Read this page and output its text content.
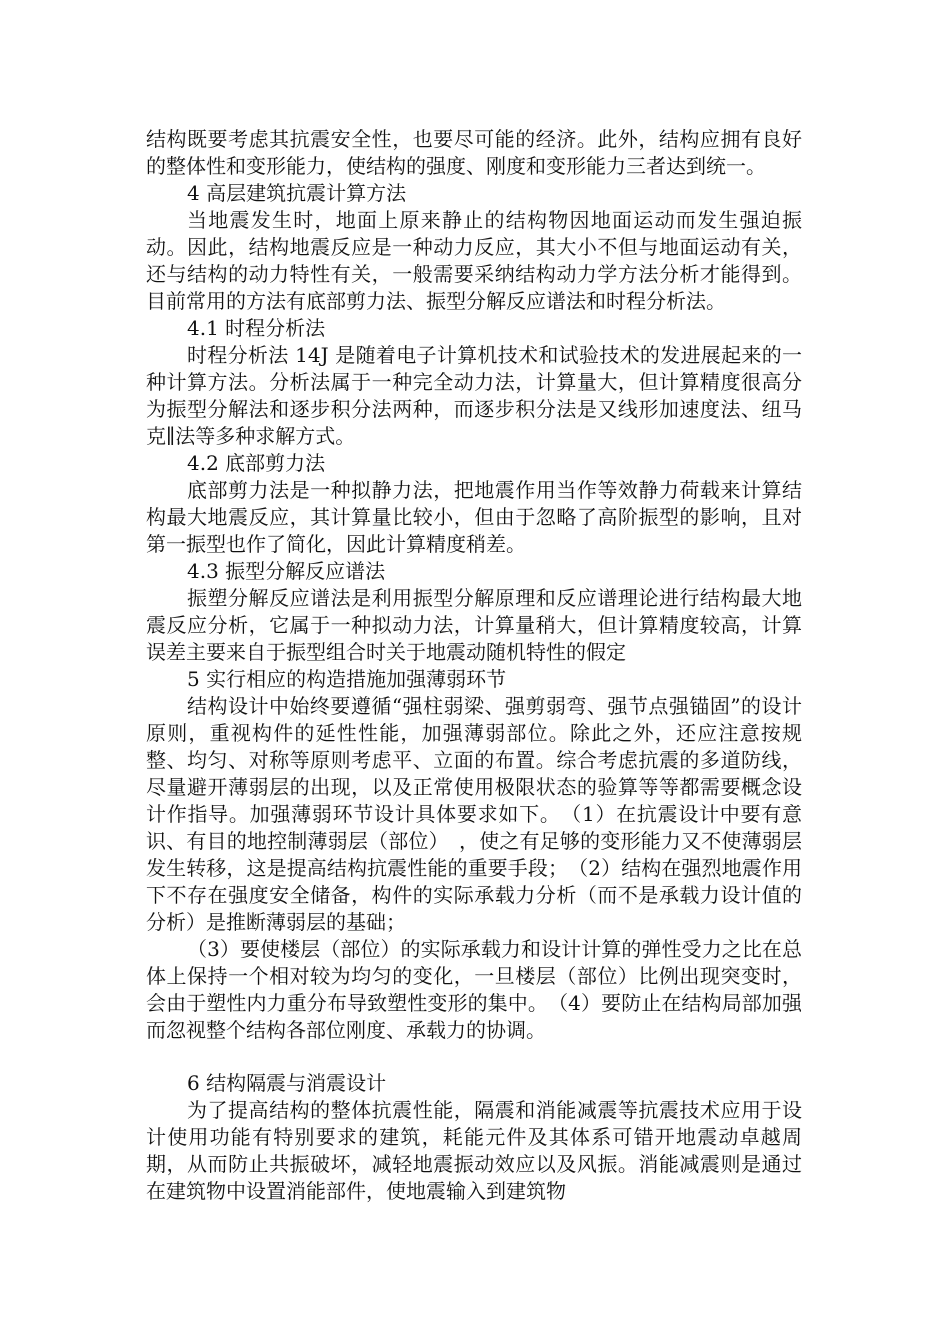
结构既要考虑其抗震安全性，也要尽可能的经济。此外，结构应拥有良好的整体性和变形能力，使结构的强度、刚度和变形能力三者达到统一。

4 高层建筑抗震计算方法

当地震发生时，地面上原来静止的结构物因地面运动而发生强迫振动。因此，结构地震反应是一种动力反应，其大小不但与地面运动有关，还与结构的动力特性有关，一般需要采纳结构动力学方法分析才能得到。目前常用的方法有底部剪力法、振型分解反应谱法和时程分析法。

4.1 时程分析法

时程分析法 14J 是随着电子计算机技术和试验技术的发进展起来的一种计算方法。分析法属于一种完全动力法，计算量大，但计算精度很高分为振型分解法和逐步积分法两种，而逐步积分法是又线形加速度法、纽马克∥法等多种求解方式。

4.2 底部剪力法

底部剪力法是一种拟静力法，把地震作用当作等效静力荷载来计算结构最大地震反应，其计算量比较小，但由于忽略了高阶振型的影响，且对第一振型也作了简化，因此计算精度稍差。

4.3 振型分解反应谱法

振塑分解反应谱法是利用振型分解原理和反应谱理论进行结构最大地震反应分析，它属于一种拟动力法，计算量稍大，但计算精度较高，计算误差主要来自于振型组合时关于地震动随机特性的假定

5 实行相应的构造措施加强薄弱环节

结构设计中始终要遵循“强柱弱梁、强剪弱弯、强节点强锚固”的设计原则，重视构件的延性性能，加强薄弱部位。除此之外，还应注意按规整、均匀、对称等原则考虑平、立面的布置。综合考虑抗震的多道防线，尽量避开薄弱层的出现，以及正常使用极限状态的验算等等都需要概念设计作指导。加强薄弱环节设计具体要求如下。　（1）在抗震设计中要有意识、有目的地控制薄弱层（部位）　，使之有足够的变形能力又不使薄弱层发生转移，这是提高结构抗震性能的重要手段；　（2）结构在强烈地震作用下不存在强度安全储备，构件的实际承载力分析（而不是承载力设计值的分析）是推断薄弱层的基础；

（3）要使楼层（部位）的实际承载力和设计计算的弹性受力之比在总体上保持一个相对较为均匀的变化，一旦楼层（部位）比例出现突变时，会由于塑性内力重分布导致塑性变形的集中。　（4）要防止在结构局部加强而忽视整个结构各部位刚度、承载力的协调。

6 结构隔震与消震设计

为了提高结构的整体抗震性能，隔震和消能减震等抗震技术应用于设计使用功能有特别要求的建筑，耗能元件及其体系可错开地震动卓越周期，从而防止共振破坏，减轻地震振动效应以及风振。消能减震则是通过在建筑物中设置消能部件，使地震输入到建筑物
